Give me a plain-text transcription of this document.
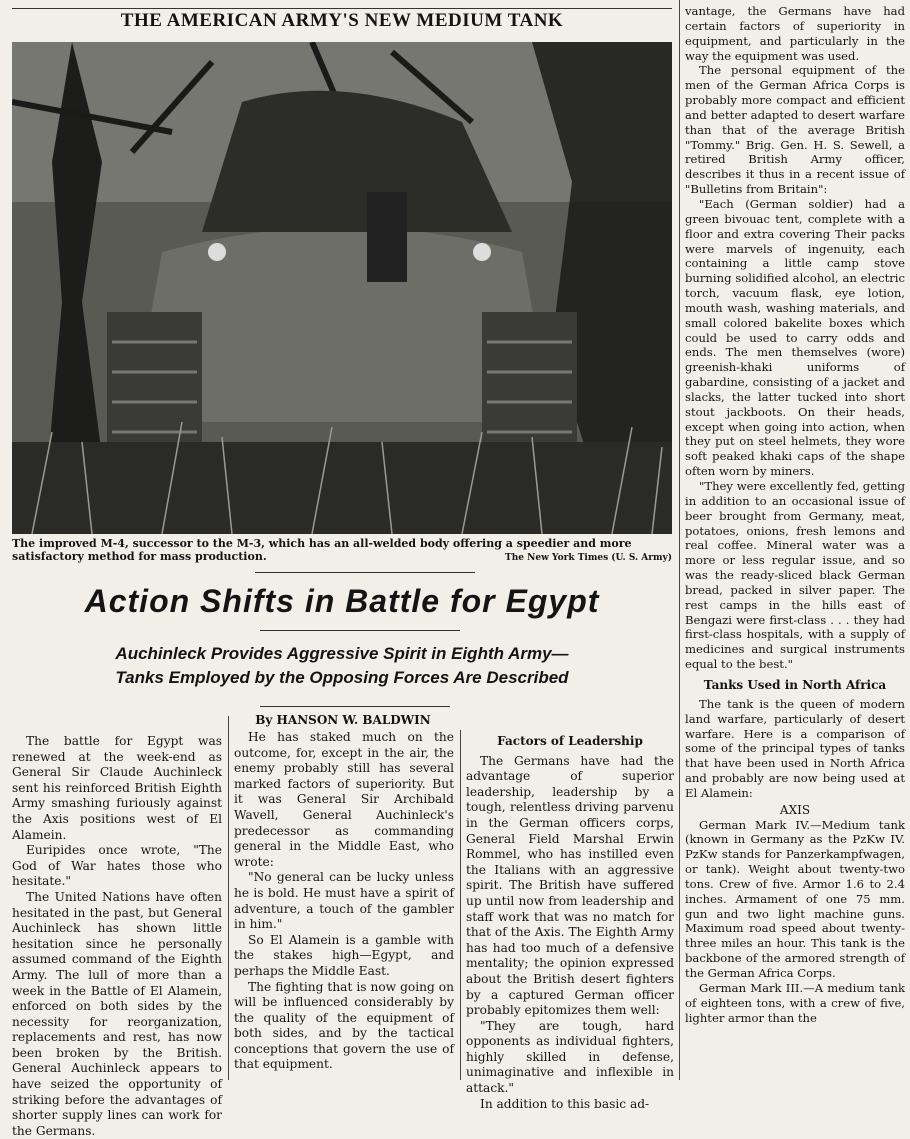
THE AMERICAN ARMY'S NEW MEDIUM TANK
The improved M-4, successor to the M-3, which has an all-welded body offering a speedier and more satisfactory method for mass production.	The New York Times (U. S. Army)
Action Shifts in Battle for Egypt
Auchinleck Provides Aggressive Spirit in Eighth Army—
Tanks Employed by the Opposing Forces Are Described
By HANSON W. BALDWIN

The battle for Egypt was renewed at the week-end as General Sir Claude Auchinleck sent his reinforced British Eighth Army smashing furiously against the Axis positions west of El Alamein.

Euripides once wrote, "The God of War hates those who hesitate."

The United Nations have often hesitated in the past, but General Auchinleck has shown little hesitation since he personally assumed command of the Eighth Army. The lull of more than a week in the Battle of El Alamein, enforced on both sides by the necessity for reorganization, replacements and rest, has now been broken by the British. General Auchinleck appears to have seized the opportunity of striking before the advantages of shorter supply lines can work for the Germans.

He has staked much on the outcome, for, except in the air, the enemy probably still has several marked factors of superiority. But it was General Sir Archibald Wavell, General Auchinleck's predecessor as commanding general in the Middle East, who wrote:

"No general can be lucky unless he is bold. He must have a spirit of adventure, a touch of the gambler in him."

So El Alamein is a gamble with the stakes high—Egypt, and perhaps the Middle East.

The fighting that is now going on will be influenced considerably by the quality of the equipment of both sides, and by the tactical conceptions that govern the use of that equipment.

Factors of Leadership

The Germans have had the advantage of superior leadership, leadership by a tough, relentless driving parvenu in the German officers corps, General Field Marshal Erwin Rommel, who has instilled even the Italians with an aggressive spirit. The British have suffered up until now from leadership and staff work that was no match for that of the Axis. The Eighth Army has had too much of a defensive mentality; the opinion expressed about the British desert fighters by a captured German officer probably epitomizes them well:

"They are tough, hard opponents as individual fighters, highly skilled in defense, unimaginative and inflexible in attack."

In addition to this basic ad-

vantage, the Germans have had certain factors of superiority in equipment, and particularly in the way the equipment was used.

The personal equipment of the men of the German Africa Corps is probably more compact and efficient and better adapted to desert warfare than that of the average British "Tommy." Brig. Gen. H. S. Sewell, a retired British Army officer, describes it thus in a recent issue of "Bulletins from Britain":

"Each (German soldier) had a green bivouac tent, complete with a floor and extra covering Their packs were marvels of ingenuity, each containing a little camp stove burning solidified alcohol, an electric torch, vacuum flask, eye lotion, mouth wash, washing materials, and small colored bakelite boxes which could be used to carry odds and ends. The men themselves (wore) greenish-khaki uniforms of gabardine, consisting of a jacket and slacks, the latter tucked into short stout jackboots. On their heads, except when going into action, when they put on steel helmets, they wore soft peaked khaki caps of the shape often worn by miners.

"They were excellently fed, getting in addition to an occasional issue of beer brought from Germany, meat, potatoes, onions, fresh lemons and real coffee. Mineral water was a more or less regular issue, and so was the ready-sliced black German bread, packed in silver paper. The rest camps in the hills east of Bengazi were first-class . . . they had first-class hospitals, with a supply of medicines and surgical instruments equal to the best."

Tanks Used in North Africa

The tank is the queen of modern land warfare, particularly of desert warfare. Here is a comparison of some of the principal types of tanks that have been used in North Africa and probably are now being used at El Alamein:

AXIS

German Mark IV.—Medium tank (known in Germany as the PzKw IV. PzKw stands for Panzerkampfwagen, or tank). Weight about twenty-two tons. Crew of five. Armor 1.6 to 2.4 inches. Armament of one 75 mm. gun and two light machine guns. Maximum road speed about twenty-three miles an hour. This tank is the backbone of the armored strength of the German Africa Corps.

German Mark III.—A medium tank of eighteen tons, with a crew of five, lighter armor than the
